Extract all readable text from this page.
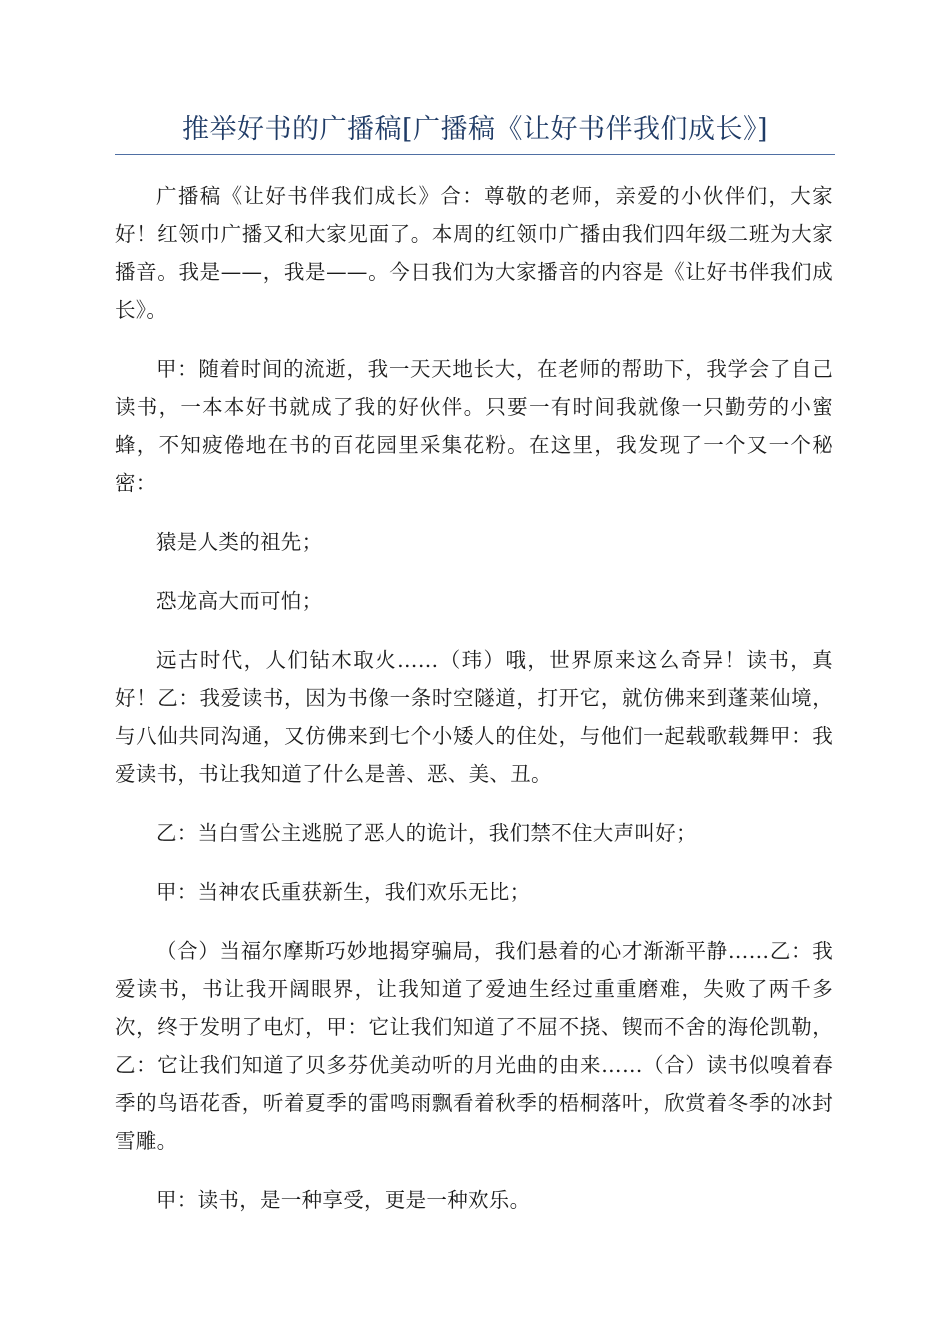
推举好书的广播稿[广播稿《让好书伴我们成长》]

广播稿《让好书伴我们成长》合：尊敬的老师，亲爱的小伙伴们，大家好！红领巾广播又和大家见面了。本周的红领巾广播由我们四年级二班为大家播音。我是——，我是——。今日我们为大家播音的内容是《让好书伴我们成长》。

甲：随着时间的流逝，我一天天地长大，在老师的帮助下，我学会了自己读书，一本本好书就成了我的好伙伴。只要一有时间我就像一只勤劳的小蜜蜂，不知疲倦地在书的百花园里采集花粉。在这里，我发现了一个又一个秘密：

猿是人类的祖先；

恐龙高大而可怕；

远古时代，人们钻木取火……（玮）哦，世界原来这么奇异！读书，真好！乙：我爱读书，因为书像一条时空隧道，打开它，就仿佛来到蓬莱仙境，与八仙共同沟通，又仿佛来到七个小矮人的住处，与他们一起载歌载舞甲：我爱读书，书让我知道了什么是善、恶、美、丑。

乙：当白雪公主逃脱了恶人的诡计，我们禁不住大声叫好；

甲：当神农氏重获新生，我们欢乐无比；

（合）当福尔摩斯巧妙地揭穿骗局，我们悬着的心才渐渐平静……乙：我爱读书，书让我开阔眼界，让我知道了爱迪生经过重重磨难，失败了两千多次，终于发明了电灯，甲：它让我们知道了不屈不挠、锲而不舍的海伦凯勒，乙：它让我们知道了贝多芬优美动听的月光曲的由来……（合）读书似嗅着春季的鸟语花香，听着夏季的雷鸣雨飘看着秋季的梧桐落叶，欣赏着冬季的冰封雪雕。

甲：读书，是一种享受，更是一种欢乐。
